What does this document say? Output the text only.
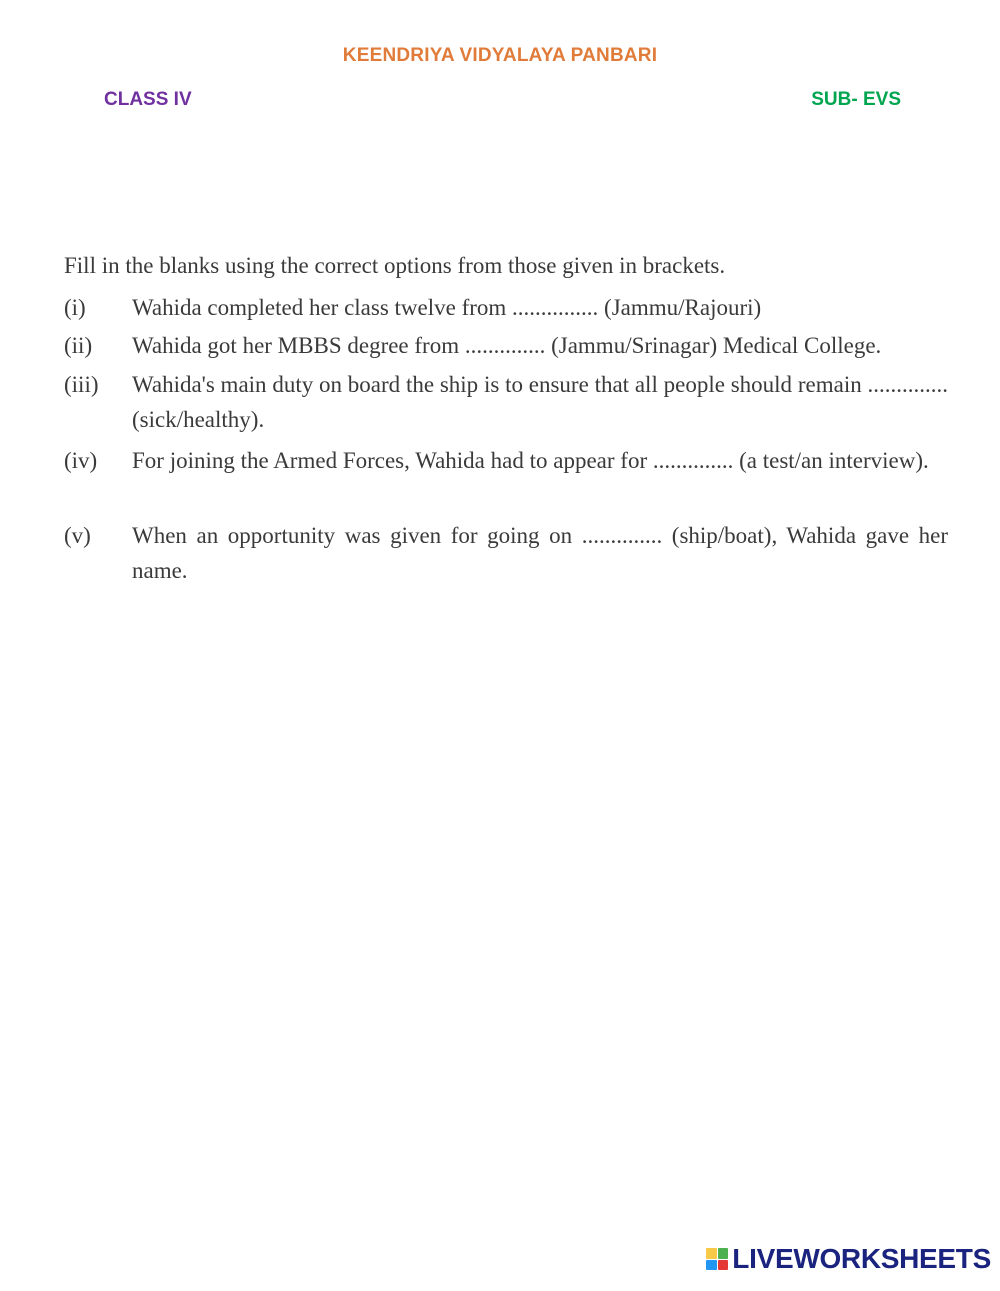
KEENDRIYA VIDYALAYA PANBARI
CLASS IV	SUB- EVS
Fill in the blanks using the correct options from those given in brackets.
(i)	Wahida completed her class twelve from ............... (Jammu/Rajouri)
(ii)	Wahida got her MBBS degree from .............. (Jammu/Srinagar) Medical College.
(iii)	Wahida's main duty on board the ship is to ensure that all people should remain .............. (sick/healthy).
(iv)	For joining the Armed Forces, Wahida had to appear for .............. (a test/an interview).
(v)	When an opportunity was given for going on .............. (ship/boat), Wahida gave her name.
LIVEWORKSHEETS
